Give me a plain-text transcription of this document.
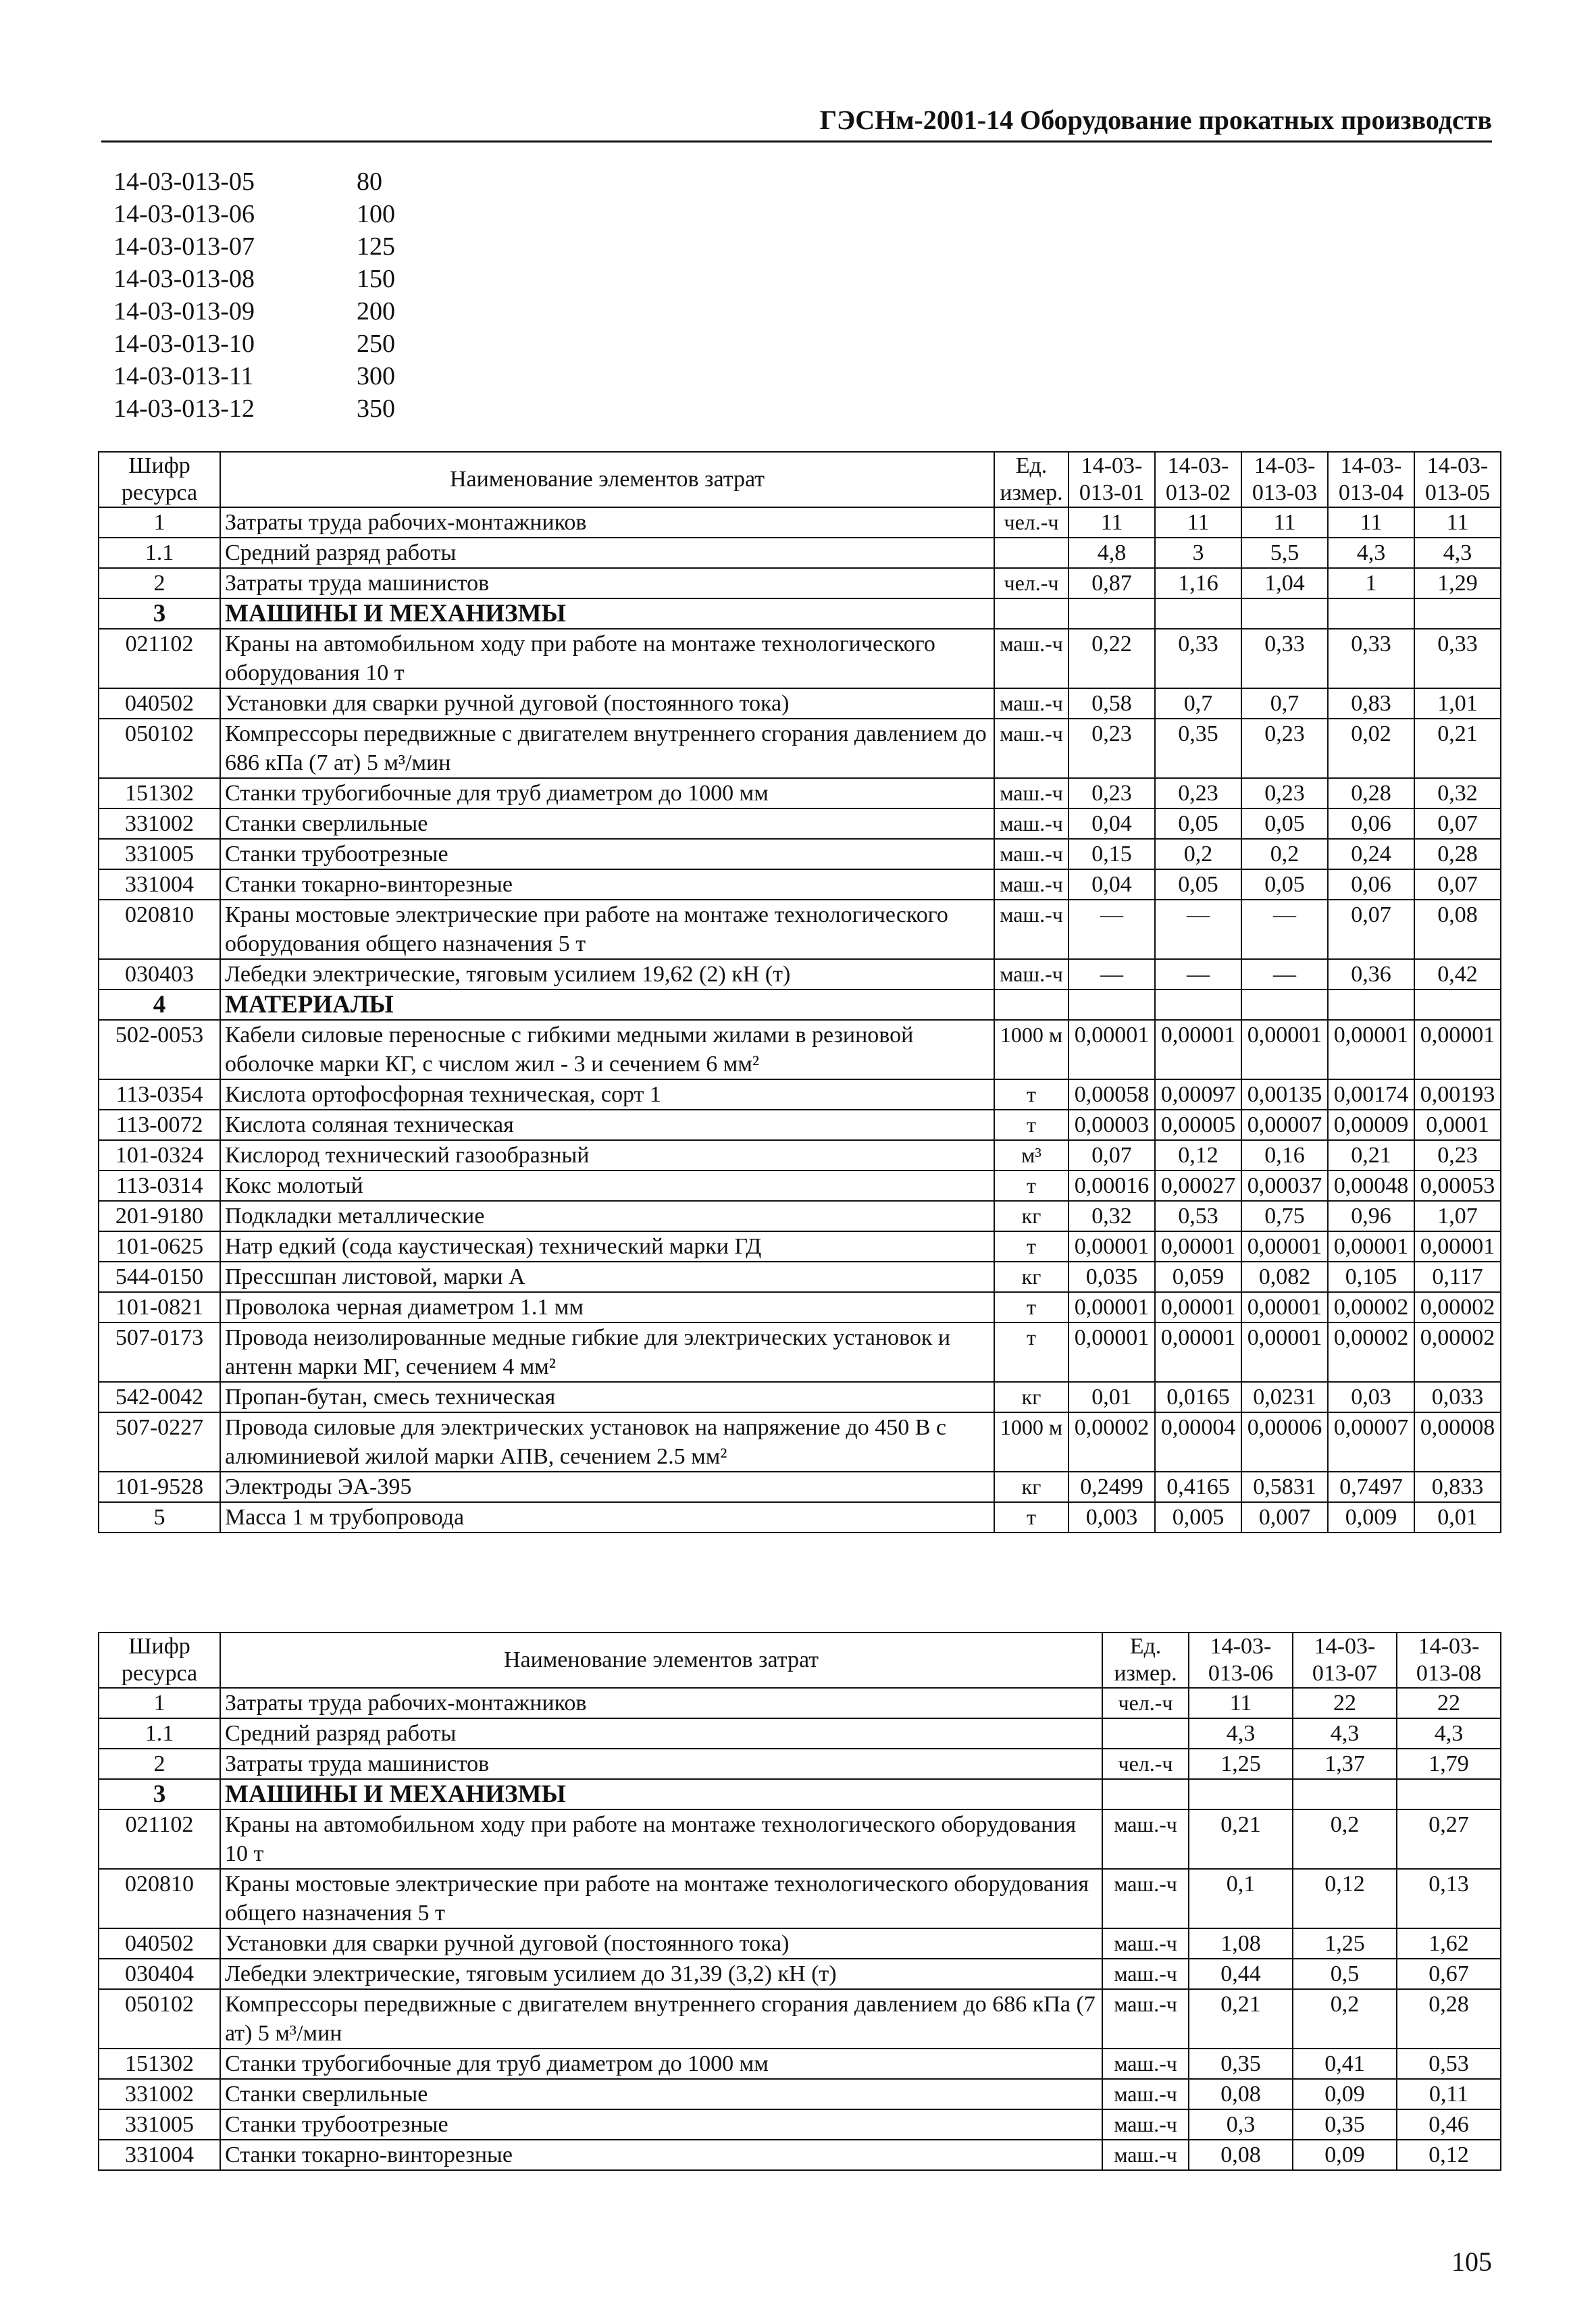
ГЭСНм-2001-14 Оборудование прокатных производств
14-03-013-05	80
14-03-013-06	100
14-03-013-07	125
14-03-013-08	150
14-03-013-09	200
14-03-013-10	250
14-03-013-11	300
14-03-013-12	350
Шифр ресурса	Наименование элементов затрат	Ед. измер.	14-03-013-01	14-03-013-02	14-03-013-03	14-03-013-04	14-03-013-05
1	Затраты труда рабочих-монтажников	чел.-ч	11	11	11	11	11
1.1	Средний разряд работы		4,8	3	5,5	4,3	4,3
2	Затраты труда машинистов	чел.-ч	0,87	1,16	1,04	1	1,29
3	МАШИНЫ И МЕХАНИЗМЫ						
021102	Краны на автомобильном ходу при работе на монтаже технологического оборудования 10 т	маш.-ч	0,22	0,33	0,33	0,33	0,33
040502	Установки для сварки ручной дуговой (постоянного тока)	маш.-ч	0,58	0,7	0,7	0,83	1,01
050102	Компрессоры передвижные с двигателем внутреннего сгорания давлением до 686 кПа (7 ат) 5 м³/мин	маш.-ч	0,23	0,35	0,23	0,02	0,21
151302	Станки трубогибочные для труб диаметром до 1000 мм	маш.-ч	0,23	0,23	0,23	0,28	0,32
331002	Станки сверлильные	маш.-ч	0,04	0,05	0,05	0,06	0,07
331005	Станки трубоотрезные	маш.-ч	0,15	0,2	0,2	0,24	0,28
331004	Станки токарно-винторезные	маш.-ч	0,04	0,05	0,05	0,06	0,07
020810	Краны мостовые электрические при работе на монтаже технологического оборудования общего назначения 5 т	маш.-ч	—	—	—	0,07	0,08
030403	Лебедки электрические, тяговым усилием 19,62 (2) кН (т)	маш.-ч	—	—	—	0,36	0,42
4	МАТЕРИАЛЫ						
502-0053	Кабели силовые переносные с гибкими медными жилами в резиновой оболочке марки КГ, с числом жил - 3 и сечением 6 мм²	1000 м	0,00001	0,00001	0,00001	0,00001	0,00001
113-0354	Кислота ортофосфорная техническая, сорт 1	т	0,00058	0,00097	0,00135	0,00174	0,00193
113-0072	Кислота соляная техническая	т	0,00003	0,00005	0,00007	0,00009	0,0001
101-0324	Кислород технический газообразный	м³	0,07	0,12	0,16	0,21	0,23
113-0314	Кокс молотый	т	0,00016	0,00027	0,00037	0,00048	0,00053
201-9180	Подкладки металлические	кг	0,32	0,53	0,75	0,96	1,07
101-0625	Натр едкий (сода каустическая) технический марки ГД	т	0,00001	0,00001	0,00001	0,00001	0,00001
544-0150	Прессшпан листовой, марки А	кг	0,035	0,059	0,082	0,105	0,117
101-0821	Проволока черная диаметром 1.1 мм	т	0,00001	0,00001	0,00001	0,00002	0,00002
507-0173	Провода неизолированные медные гибкие для электрических установок и антенн марки МГ, сечением 4 мм²	т	0,00001	0,00001	0,00001	0,00002	0,00002
542-0042	Пропан-бутан, смесь техническая	кг	0,01	0,0165	0,0231	0,03	0,033
507-0227	Провода силовые для электрических установок на напряжение до 450 В с алюминиевой жилой марки АПВ, сечением 2.5 мм²	1000 м	0,00002	0,00004	0,00006	0,00007	0,00008
101-9528	Электроды ЭА-395	кг	0,2499	0,4165	0,5831	0,7497	0,833
5	Масса 1 м трубопровода	т	0,003	0,005	0,007	0,009	0,01
Шифр ресурса	Наименование элементов затрат	Ед. измер.	14-03-013-06	14-03-013-07	14-03-013-08
1	Затраты труда рабочих-монтажников	чел.-ч	11	22	22
1.1	Средний разряд работы		4,3	4,3	4,3
2	Затраты труда машинистов	чел.-ч	1,25	1,37	1,79
3	МАШИНЫ И МЕХАНИЗМЫ				
021102	Краны на автомобильном ходу при работе на монтаже технологического оборудования 10 т	маш.-ч	0,21	0,2	0,27
020810	Краны мостовые электрические при работе на монтаже технологического оборудования общего назначения 5 т	маш.-ч	0,1	0,12	0,13
040502	Установки для сварки ручной дуговой (постоянного тока)	маш.-ч	1,08	1,25	1,62
030404	Лебедки электрические, тяговым усилием до 31,39 (3,2) кН (т)	маш.-ч	0,44	0,5	0,67
050102	Компрессоры передвижные с двигателем внутреннего сгорания давлением до 686 кПа (7 ат) 5 м³/мин	маш.-ч	0,21	0,2	0,28
151302	Станки трубогибочные для труб диаметром до 1000 мм	маш.-ч	0,35	0,41	0,53
331002	Станки сверлильные	маш.-ч	0,08	0,09	0,11
331005	Станки трубоотрезные	маш.-ч	0,3	0,35	0,46
331004	Станки токарно-винторезные	маш.-ч	0,08	0,09	0,12
105
